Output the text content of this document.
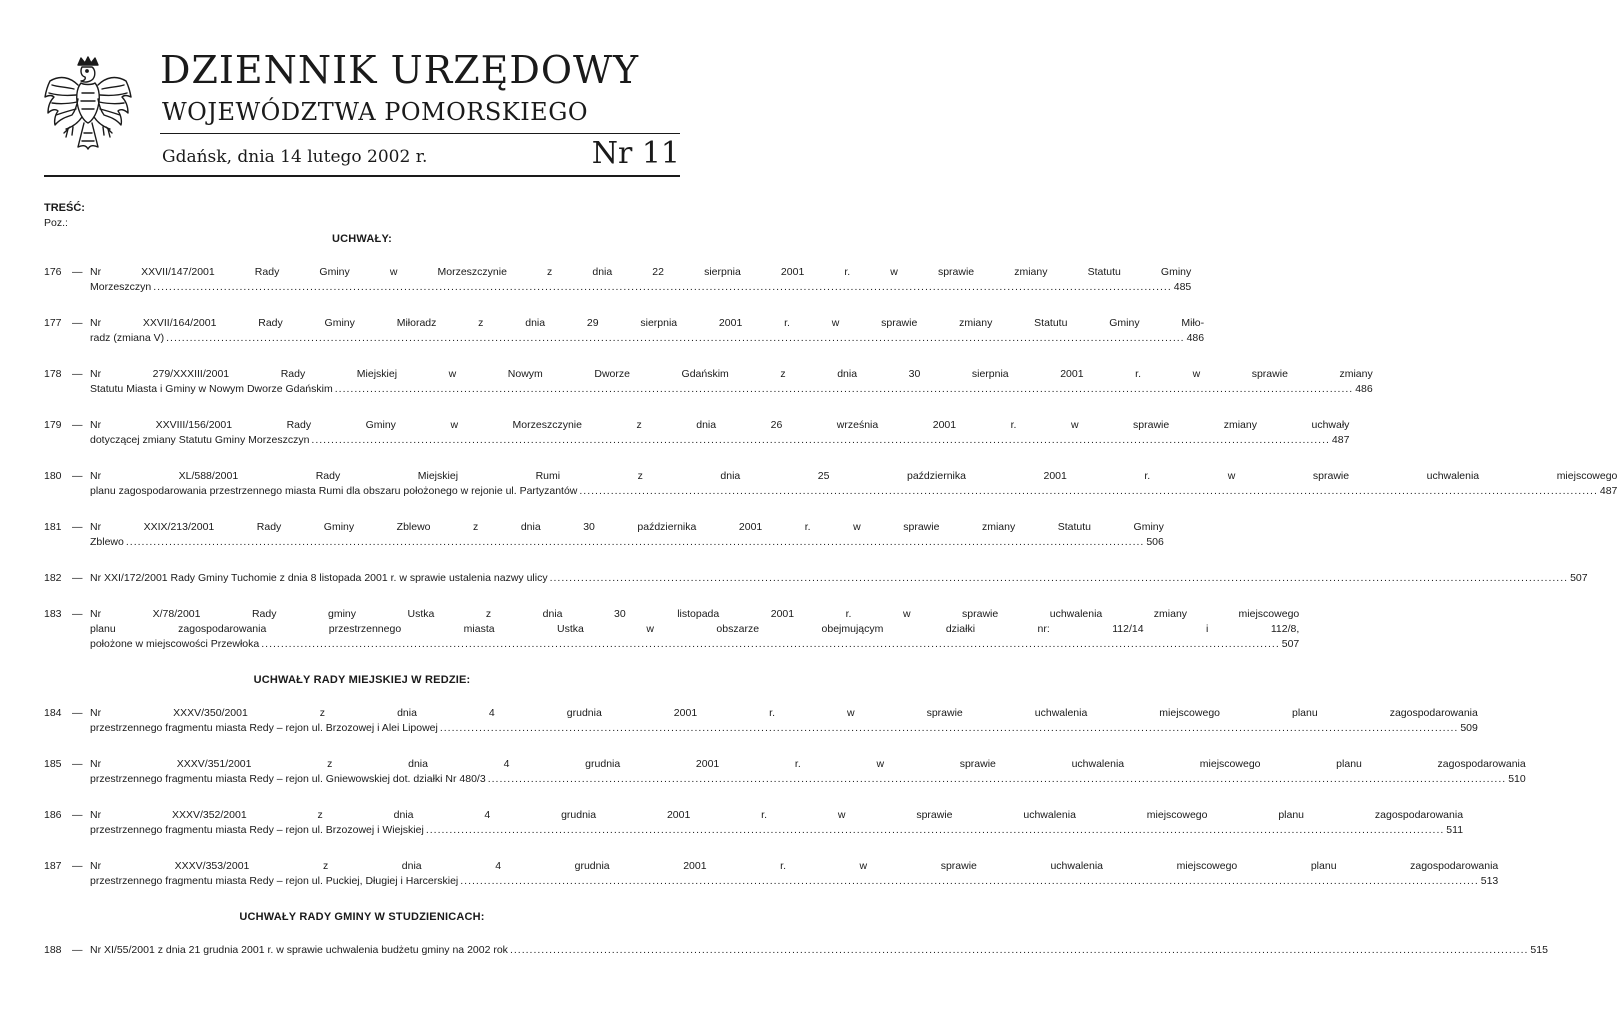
DZIENNIK URZĘDOWY
WOJEWÓDZTWA POMORSKIEGO
Gdańsk, dnia 14 lutego 2002 r.	Nr 11
TREŚĆ:
Poz.:
UCHWAŁY:
176 — Nr XXVII/147/2001 Rady Gminy w Morzeszczynie z dnia 22 sierpnia 2001 r. w sprawie zmiany Statutu Gminy
Morzeszczyn .....	485
177 — Nr XXVII/164/2001 Rady Gminy Miłoradz z dnia 29 sierpnia 2001 r. w sprawie zmiany Statutu Gminy Miło-
radz (zmiana V) .....	486
178 — Nr 279/XXXIII/2001 Rady Miejskiej w Nowym Dworze Gdańskim z dnia 30 sierpnia 2001 r. w sprawie zmiany
Statutu Miasta i Gminy w Nowym Dworze Gdańskim .....	486
179 — Nr XXVIII/156/2001 Rady Gminy w Morzeszczynie z dnia 26 września 2001 r. w sprawie zmiany uchwały
dotyczącej zmiany Statutu Gminy Morzeszczyn .....	487
180 — Nr XL/588/2001 Rady Miejskiej Rumi z dnia 25 października 2001 r. w sprawie uchwalenia miejscowego
planu zagospodarowania przestrzennego miasta Rumi dla obszaru położonego w rejonie ul. Partyzantów .....	487
181 — Nr XXIX/213/2001 Rady Gminy Zblewo z dnia 30 października 2001 r. w sprawie zmiany Statutu Gminy
Zblewo .....	506
182 — Nr XXI/172/2001 Rady Gminy Tuchomie z dnia 8 listopada 2001 r. w sprawie ustalenia nazwy ulicy .....	507
183 — Nr X/78/2001 Rady gminy Ustka z dnia 30 listopada 2001 r. w sprawie uchwalenia zmiany miejscowego
planu zagospodarowania przestrzennego miasta Ustka w obszarze obejmującym działki nr: 112/14 i 112/8,
położone w miejscowości Przewłoka .....	507
UCHWAŁY RADY MIEJSKIEJ W REDZIE:
184 — Nr XXXV/350/2001 z dnia 4 grudnia 2001 r. w sprawie uchwalenia miejscowego planu zagospodarowania
przestrzennego fragmentu miasta Redy – rejon ul. Brzozowej i Alei Lipowej .....	509
185 — Nr XXXV/351/2001 z dnia 4 grudnia 2001 r. w sprawie uchwalenia miejscowego planu zagospodarowania
przestrzennego fragmentu miasta Redy – rejon ul. Gniewowskiej dot. działki Nr 480/3 .....	510
186 — Nr XXXV/352/2001 z dnia 4 grudnia 2001 r. w sprawie uchwalenia miejscowego planu zagospodarowania
przestrzennego fragmentu miasta Redy – rejon ul. Brzozowej i Wiejskiej .....	511
187 — Nr XXXV/353/2001 z dnia 4 grudnia 2001 r. w sprawie uchwalenia miejscowego planu zagospodarowania
przestrzennego fragmentu miasta Redy – rejon ul. Puckiej, Długiej i Harcerskiej .....	513
UCHWAŁY RADY GMINY W STUDZIENICACH:
188 — Nr XI/55/2001 z dnia 21 grudnia 2001 r. w sprawie uchwalenia budżetu gminy na 2002 rok .....	515
